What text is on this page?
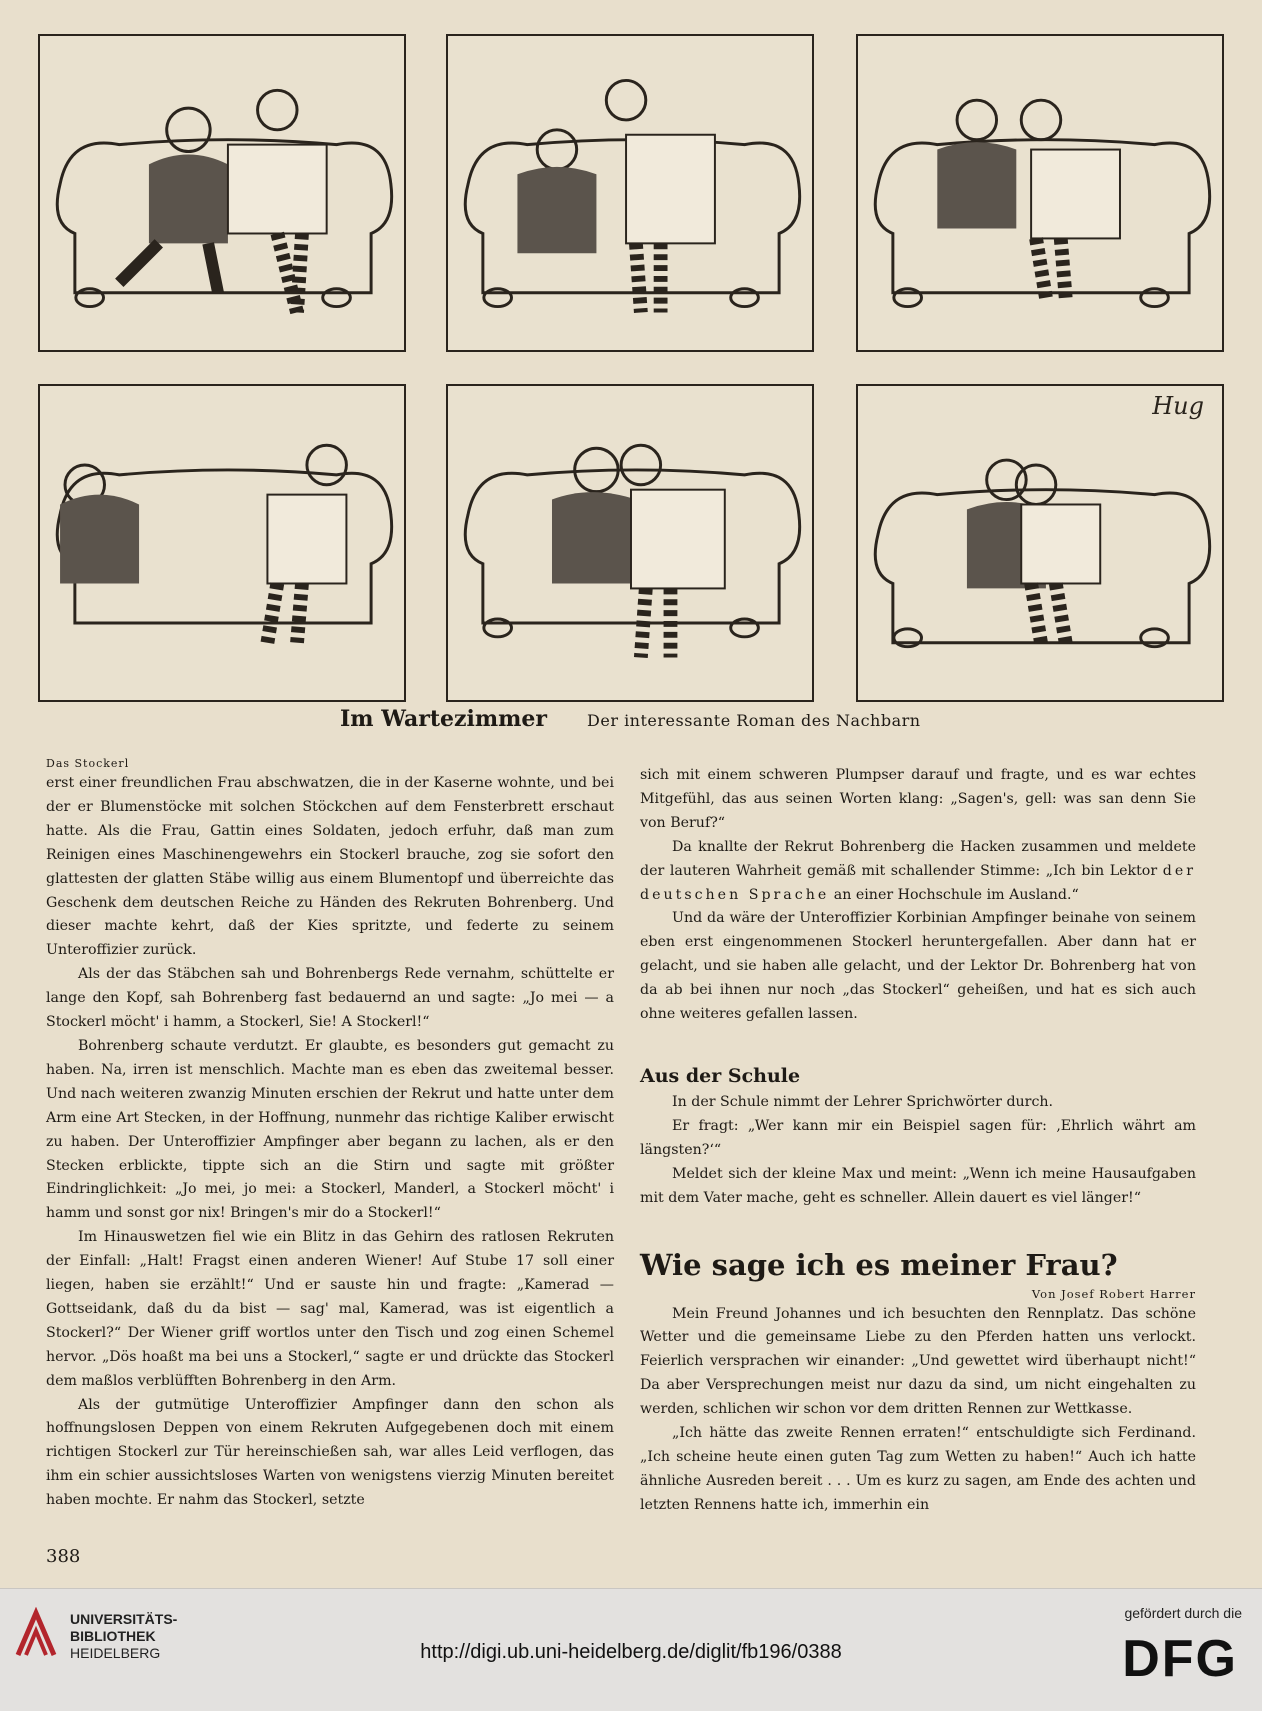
Hug
Im Wartezimmer	Der interessante Roman des Nachbarn

Das Stockerl

erst einer freundlichen Frau abschwatzen, die in der Kaserne wohnte, und bei der er Blumenstöcke mit solchen Stöckchen auf dem Fensterbrett erschaut hatte. Als die Frau, Gattin eines Soldaten, jedoch erfuhr, daß man zum Reinigen eines Maschinengewehrs ein Stockerl brauche, zog sie sofort den glattesten der glatten Stäbe willig aus einem Blumentopf und überreichte das Geschenk dem deutschen Reiche zu Händen des Rekruten Bohrenberg. Und dieser machte kehrt, daß der Kies spritzte, und federte zu seinem Unteroffizier zurück.

Als der das Stäbchen sah und Bohrenbergs Rede vernahm, schüttelte er lange den Kopf, sah Bohrenberg fast bedauernd an und sagte: „Jo mei — a Stockerl möcht' i hamm, a Stockerl, Sie! A Stockerl!“

Bohrenberg schaute verdutzt. Er glaubte, es besonders gut gemacht zu haben. Na, irren ist menschlich. Machte man es eben das zweitemal besser. Und nach weiteren zwanzig Minuten erschien der Rekrut und hatte unter dem Arm eine Art Stecken, in der Hoffnung, nunmehr das richtige Kaliber erwischt zu haben. Der Unteroffizier Ampfinger aber begann zu lachen, als er den Stecken erblickte, tippte sich an die Stirn und sagte mit größter Eindringlichkeit: „Jo mei, jo mei: a Stockerl, Manderl, a Stockerl möcht' i hamm und sonst gor nix! Bringen's mir do a Stockerl!“

Im Hinauswetzen fiel wie ein Blitz in das Gehirn des ratlosen Rekruten der Einfall: „Halt! Fragst einen anderen Wiener! Auf Stube 17 soll einer liegen, haben sie erzählt!“ Und er sauste hin und fragte: „Kamerad — Gottseidank, daß du da bist — sag' mal, Kamerad, was ist eigentlich a Stockerl?“ Der Wiener griff wortlos unter den Tisch und zog einen Schemel hervor. „Dös hoaßt ma bei uns a Stockerl,“ sagte er und drückte das Stockerl dem maßlos verblüfften Bohrenberg in den Arm.

Als der gutmütige Unteroffizier Ampfinger dann den schon als hoffnungslosen Deppen von einem Rekruten Aufgegebenen doch mit einem richtigen Stockerl zur Tür hereinschießen sah, war alles Leid verflogen, das ihm ein schier aussichtsloses Warten von wenigstens vierzig Minuten bereitet haben mochte. Er nahm das Stockerl, setzte

sich mit einem schweren Plumpser darauf und fragte, und es war echtes Mitgefühl, das aus seinen Worten klang: „Sagen's, gell: was san denn Sie von Beruf?“

Da knallte der Rekrut Bohrenberg die Hacken zusammen und meldete der lauteren Wahrheit gemäß mit schallender Stimme: „Ich bin Lektor der deutschen Sprache an einer Hochschule im Ausland.“

Und da wäre der Unteroffizier Korbinian Ampfinger beinahe von seinem eben erst eingenommenen Stockerl heruntergefallen. Aber dann hat er gelacht, und sie haben alle gelacht, und der Lektor Dr. Bohrenberg hat von da ab bei ihnen nur noch „das Stockerl“ geheißen, und hat es sich auch ohne weiteres gefallen lassen.

Aus der Schule

In der Schule nimmt der Lehrer Sprichwörter durch.

Er fragt: „Wer kann mir ein Beispiel sagen für: ‚Ehrlich währt am längsten?‘“

Meldet sich der kleine Max und meint: „Wenn ich meine Hausaufgaben mit dem Vater mache, geht es schneller. Allein dauert es viel länger!“

Wie sage ich es meiner Frau?

Von Josef Robert Harrer

Mein Freund Johannes und ich besuchten den Rennplatz. Das schöne Wetter und die gemeinsame Liebe zu den Pferden hatten uns verlockt. Feierlich versprachen wir einander: „Und gewettet wird überhaupt nicht!“ Da aber Versprechungen meist nur dazu da sind, um nicht eingehalten zu werden, schlichen wir schon vor dem dritten Rennen zur Wettkasse.

„Ich hätte das zweite Rennen erraten!“ entschuldigte sich Ferdinand. „Ich scheine heute einen guten Tag zum Wetten zu haben!“ Auch ich hatte ähnliche Ausreden bereit . . . Um es kurz zu sagen, am Ende des achten und letzten Rennens hatte ich, immerhin ein

388
UNIVERSITÄTS-
BIBLIOTHEK
HEIDELBERG	http://digi.ub.uni-heidelberg.de/diglit/fb196/0388
gefördert durch die
DFG
